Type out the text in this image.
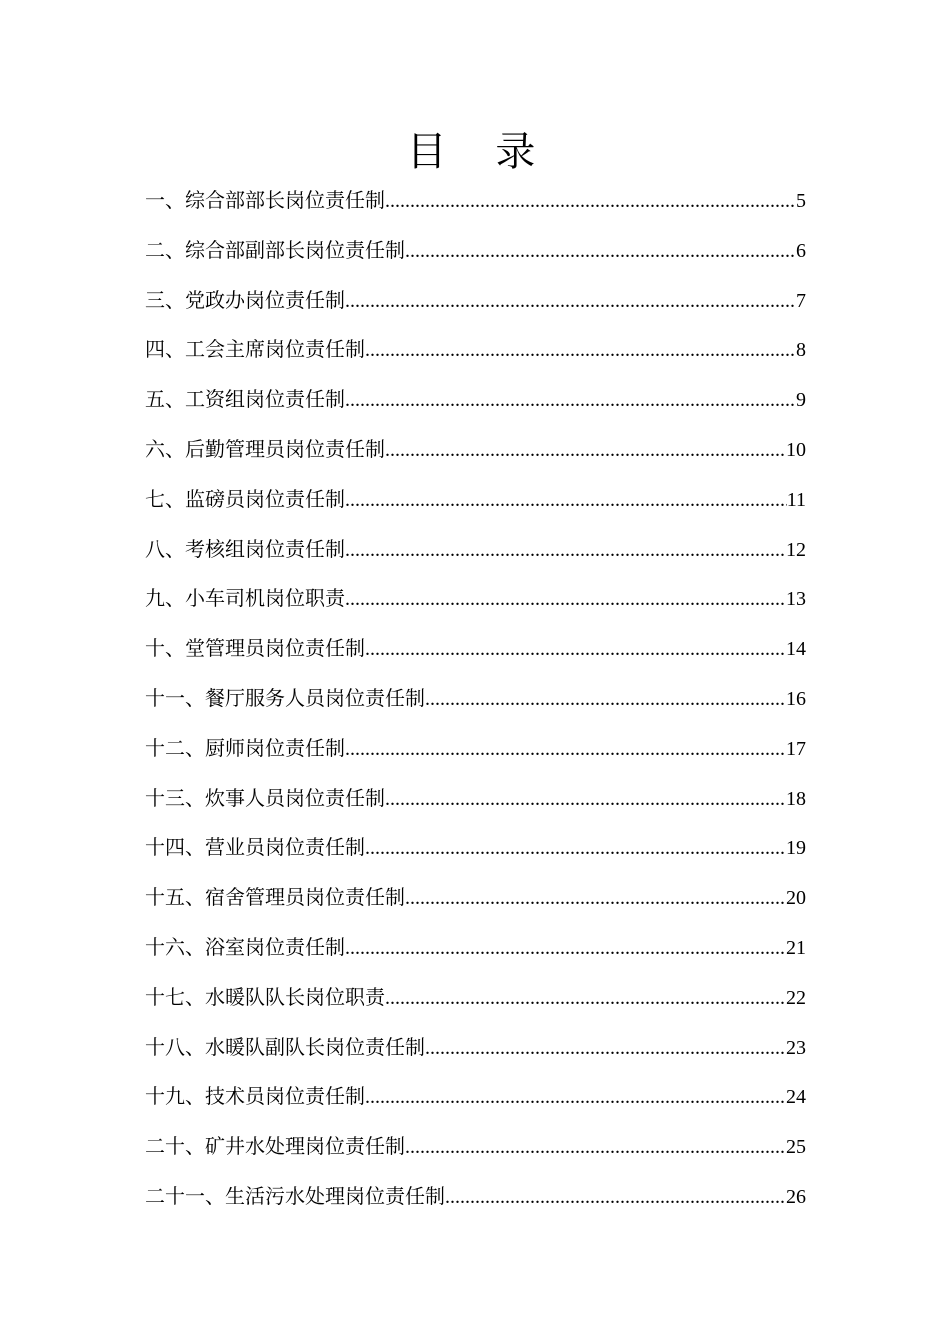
目 录
一、综合部部长岗位责任制 .....	5
二、综合部副部长岗位责任制 .....	6
三、党政办岗位责任制 .....	7
四、工会主席岗位责任制 .....	8
五、工资组岗位责任制 .....	9
六、后勤管理员岗位责任制 .....	10
七、监磅员岗位责任制 .....	11
八、考核组岗位责任制 .....	12
九、小车司机岗位职责 .....	13
十、堂管理员岗位责任制 .....	14
十一、餐厅服务人员岗位责任制 .....	16
十二、厨师岗位责任制 .....	17
十三、炊事人员岗位责任制 .....	18
十四、营业员岗位责任制 .....	19
十五、宿舍管理员岗位责任制 .....	20
十六、浴室岗位责任制 .....	21
十七、水暖队队长岗位职责 .....	22
十八、水暖队副队长岗位责任制 .....	23
十九、技术员岗位责任制 .....	24
二十、矿井水处理岗位责任制 .....	25
二十一、生活污水处理岗位责任制 .....	26
